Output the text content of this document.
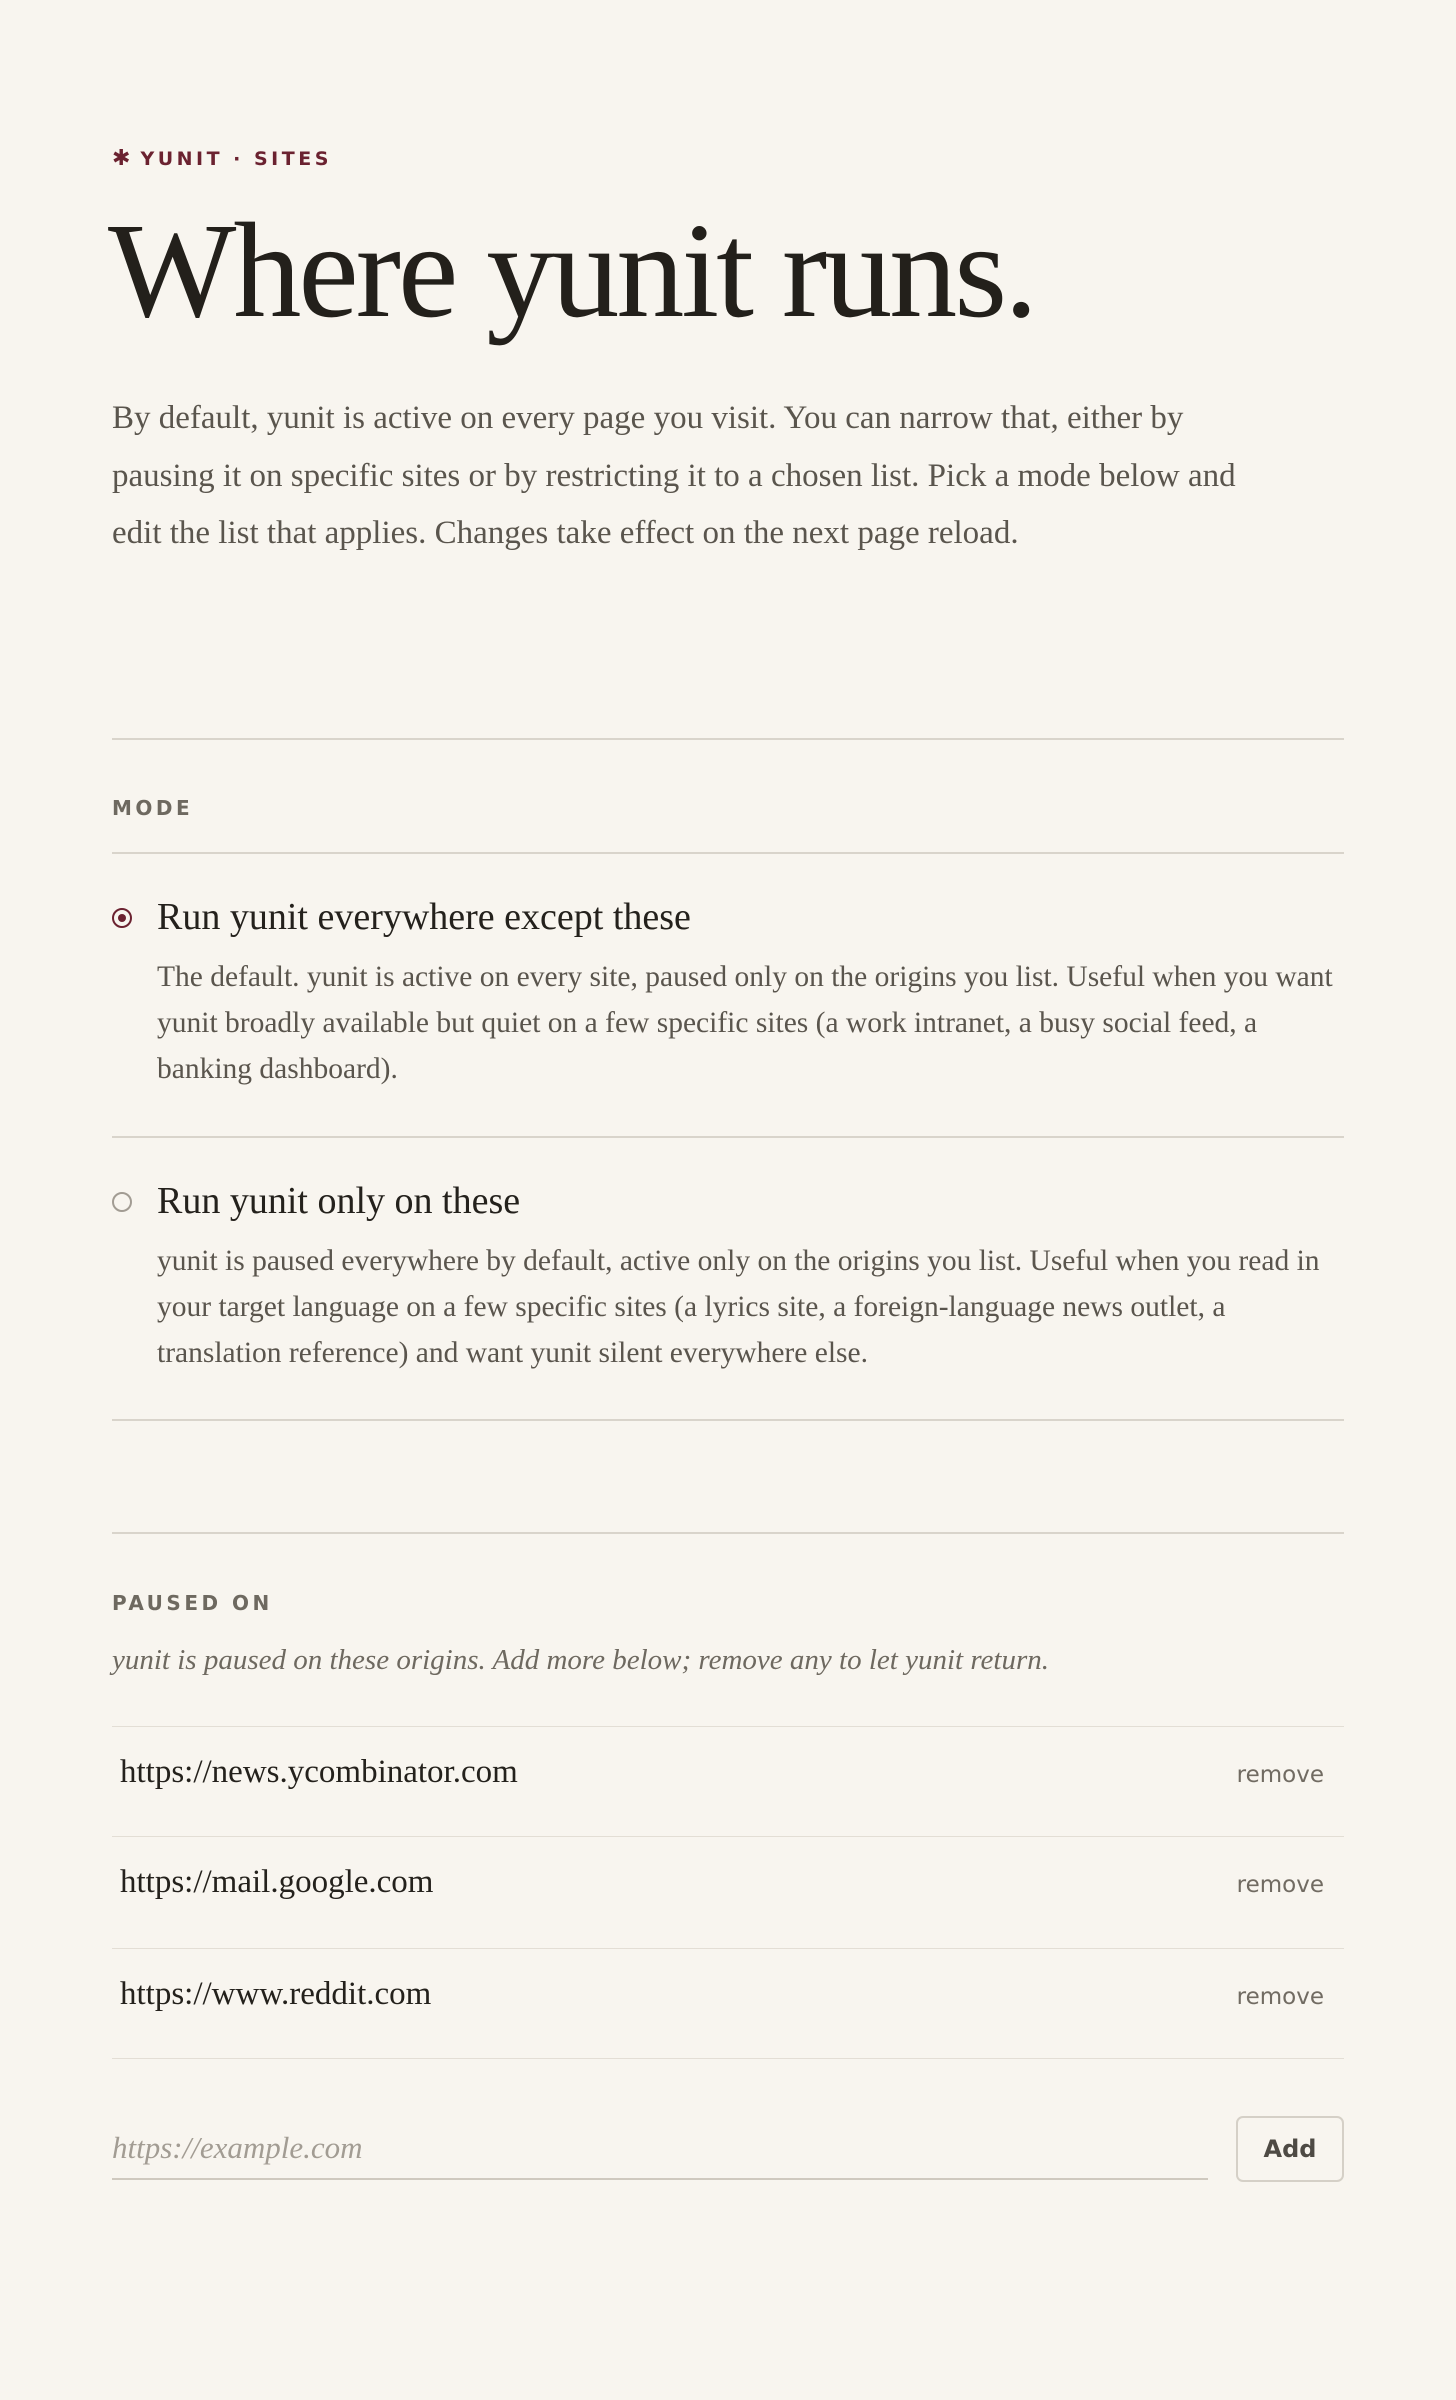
✱ YUNIT · SITES
Where yunit runs.

By default, yunit is active on every page you visit. You can narrow that, either by pausing it on specific sites or by restricting it to a chosen list. Pick a mode below and edit the list that applies. Changes take effect on the next page reload.

MODE
Run yunit everywhere except these
The default. yunit is active on every site, paused only on the origins you list. Useful when you want yunit broadly available but quiet on a few specific sites (a work intranet, a busy social feed, a banking dashboard).
Run yunit only on these
yunit is paused everywhere by default, active only on the origins you list. Useful when you read in your target language on a few specific sites (a lyrics site, a foreign-language news outlet, a translation reference) and want yunit silent everywhere else.
PAUSED ON
yunit is paused on these origins. Add more below; remove any to let yunit return.
https://news.ycombinator.com	remove
https://mail.google.com	remove
https://www.reddit.com	remove
https://example.com
Add
